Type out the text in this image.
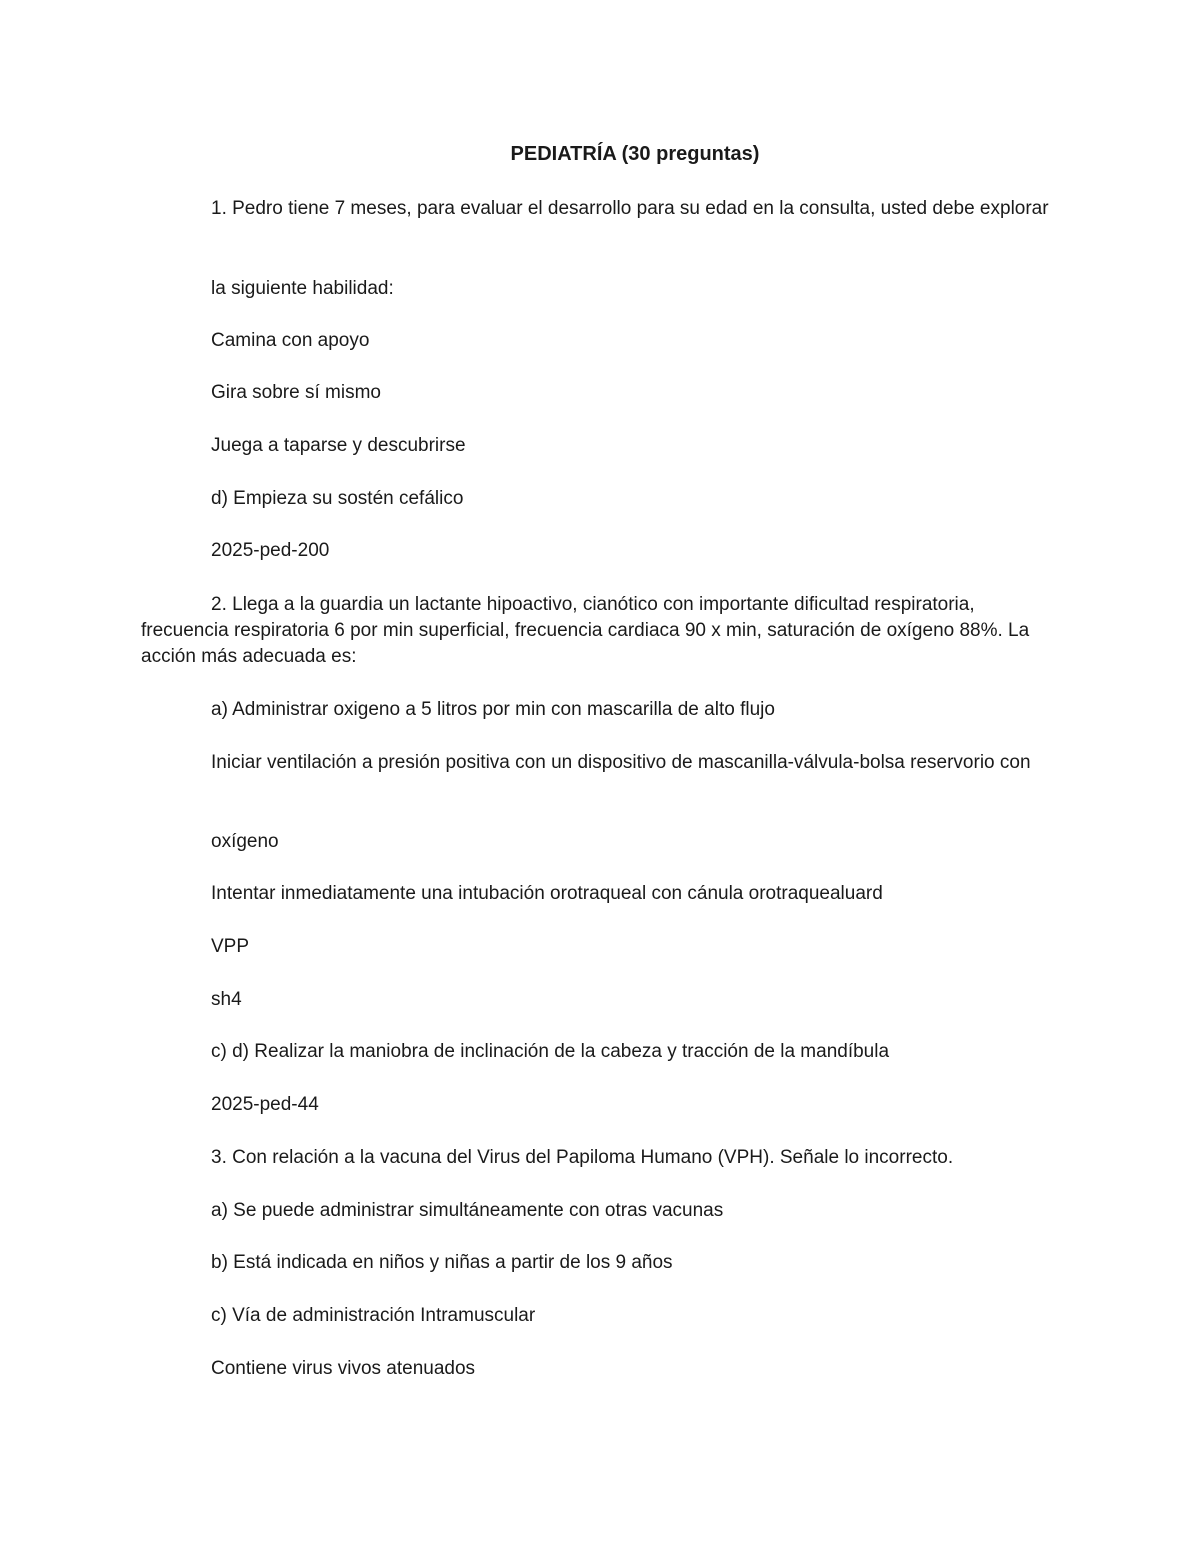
PEDIATRÍA (30 preguntas)
1. Pedro tiene 7 meses, para evaluar el desarrollo para su edad en la consulta, usted debe explorar
la siguiente habilidad:
Camina con apoyo
Gira sobre sí mismo
Juega a taparse y descubrirse
d) Empieza su sostén cefálico
2025-ped-200
2. Llega a la guardia un lactante hipoactivo, cianótico con importante dificultad respiratoria, frecuencia respiratoria 6 por min superficial, frecuencia cardiaca 90 x min, saturación de oxígeno 88%. La acción más adecuada es:
a) Administrar oxigeno a 5 litros por min con mascarilla de alto flujo
Iniciar ventilación a presión positiva con un dispositivo de mascanilla-válvula-bolsa reservorio con
oxígeno
Intentar inmediatamente una intubación orotraqueal con cánula orotraquealuard
VPP
sh4
c) d) Realizar la maniobra de inclinación de la cabeza y tracción de la mandíbula
2025-ped-44
3. Con relación a la vacuna del Virus del Papiloma Humano (VPH). Señale lo incorrecto.
a) Se puede administrar simultáneamente con otras vacunas
b) Está indicada en niños y niñas a partir de los 9 años
c) Vía de administración Intramuscular
Contiene virus vivos atenuados
